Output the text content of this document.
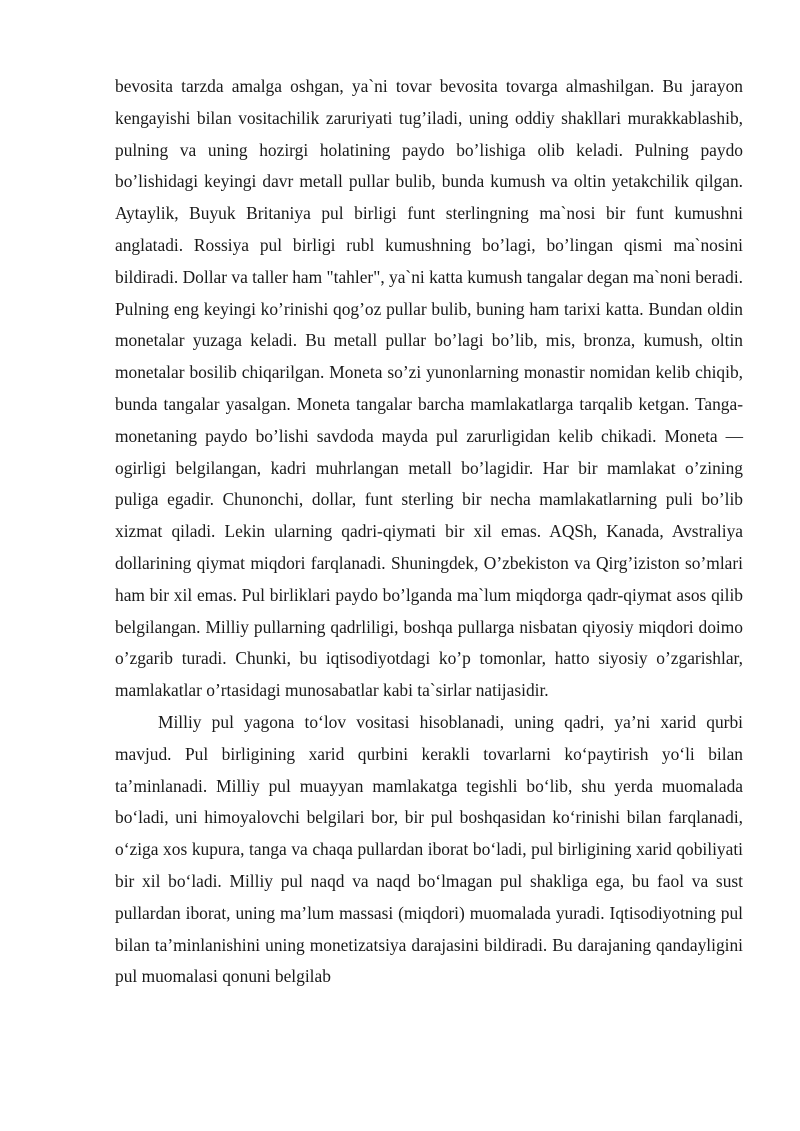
bevosita tarzda amalga oshgan, ya`ni tovar bevosita tovarga almashilgan. Bu jarayon kengayishi bilan vositachilik zaruriyati tug’iladi, uning oddiy shakllari murakkablashib, pulning va uning hozirgi holatining paydo bo’lishiga olib keladi. Pulning paydo bo’lishidagi keyingi davr metall pullar bulib, bunda kumush va oltin yetakchilik qilgan. Aytaylik, Buyuk Britaniya pul birligi funt sterlingning ma`nosi bir funt kumushni anglatadi. Rossiya pul birligi rubl kumushning bo’lagi, bo’lingan qismi ma`nosini bildiradi. Dollar va taller ham "tahler", ya`ni katta kumush tangalar degan ma`noni beradi. Pulning eng keyingi ko’rinishi qog’oz pullar bulib, buning ham tarixi katta. Bundan oldin monetalar yuzaga keladi. Bu metall pullar bo’lagi bo’lib, mis, bronza, kumush, oltin monetalar bosilib chiqarilgan. Moneta so’zi yunonlarning monastir nomidan kelib chiqib, bunda tangalar yasalgan. Moneta tangalar barcha mamlakatlarga tarqalib ketgan. Tanga-monetaning paydo bo’lishi savdoda mayda pul zarurligidan kelib chikadi. Moneta — ogirligi belgilangan, kadri muhrlangan metall bo’lagidir. Har bir mamlakat o’zining puliga egadir. Chunonchi, dollar, funt sterling bir necha mamlakatlarning puli bo’lib xizmat qiladi. Lekin ularning qadri-qiymati bir xil emas. AQSh, Kanada, Avstraliya dollarining qiymat miqdori farqlanadi. Shuningdek, O’zbekiston va Qirg’iziston so’mlari ham bir xil emas. Pul birliklari paydo bo’lganda ma`lum miqdorga qadr-qiymat asos qilib belgilangan. Milliy pullarning qadrliligi, boshqa pullarga nisbatan qiyosiy miqdori doimo o’zgarib turadi. Chunki, bu iqtisodiyotdagi ko’p tomonlar, hatto siyosiy o’zgarishlar, mamlakatlar o’rtasidagi munosabatlar kabi ta`sirlar natijasidir.

Milliy pul yagona to‘lov vositasi hisoblanadi, uning qadri, ya’ni xarid qurbi mavjud. Pul birligining xarid qurbini kerakli tovarlarni ko‘paytirish yo‘li bilan ta’minlanadi. Milliy pul muayyan mamlakatga tegishli bo‘lib, shu yerda muomalada bo‘ladi, uni himoyalovchi belgilari bor, bir pul boshqasidan ko‘rinishi bilan farqlanadi, o‘ziga xos kupura, tanga va chaqa pullardan iborat bo‘ladi, pul birligining xarid qobiliyati bir xil bo‘ladi. Milliy pul naqd va naqd bo‘lmagan pul shakliga ega, bu faol va sust pullardan iborat, uning ma’lum massasi (miqdori) muomalada yuradi. Iqtisodiyotning pul bilan ta’minlanishini uning monetizatsiya darajasini bildiradi. Bu darajaning qandayligini pul muomalasi qonuni belgilab
